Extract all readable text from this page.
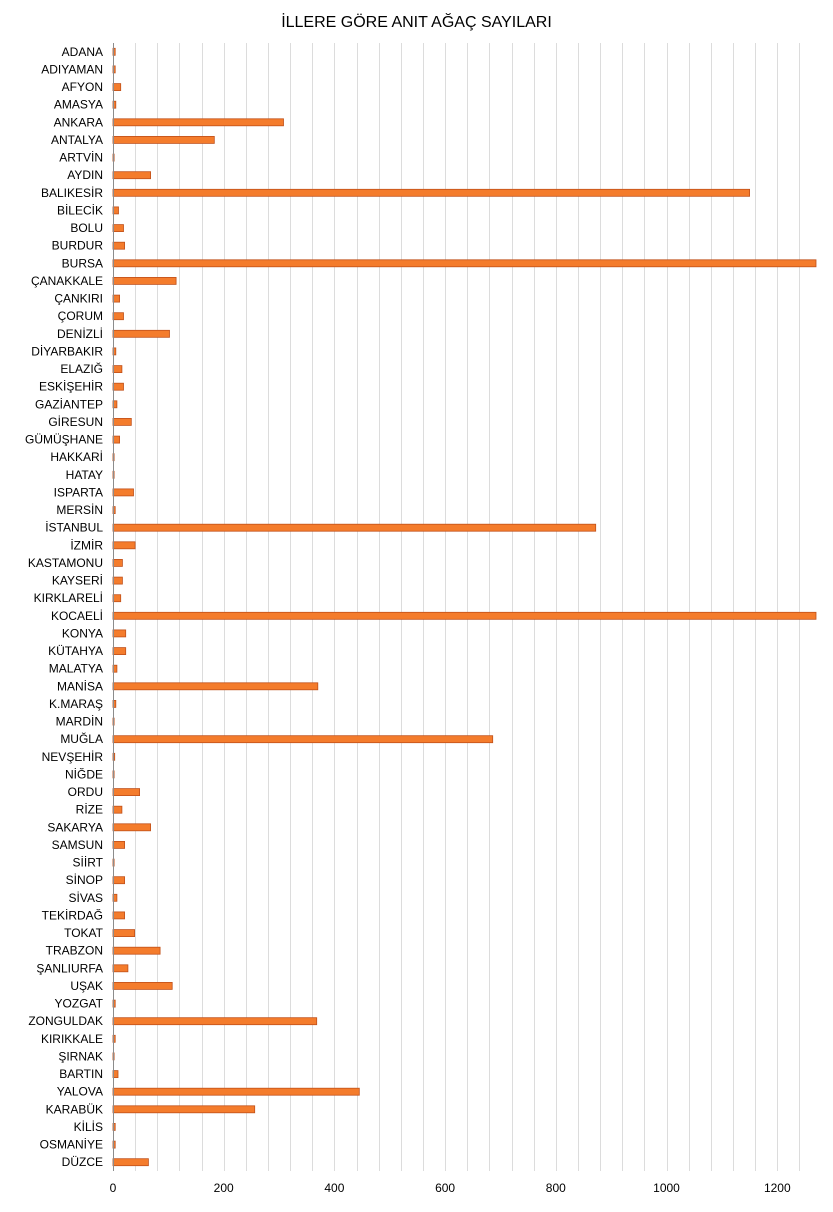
İLLERE GÖRE ANIT AĞAÇ SAYILARI
ADANA
ADIYAMAN
AFYON
AMASYA
ANKARA
ANTALYA
ARTVİN
AYDIN
BALIKESİR
BİLECİK
BOLU
BURDUR
BURSA
ÇANAKKALE
ÇANKIRI
ÇORUM
DENİZLİ
DİYARBAKIR
ELAZIĞ
ESKİŞEHİR
GAZİANTEP
GİRESUN
GÜMÜŞHANE
HAKKARİ
HATAY
ISPARTA
MERSİN
İSTANBUL
İZMİR
KASTAMONU
KAYSERİ
KIRKLARELİ
KOCAELİ
KONYA
KÜTAHYA
MALATYA
MANİSA
K.MARAŞ
MARDİN
MUĞLA
NEVŞEHİR
NİĞDE
ORDU
RİZE
SAKARYA
SAMSUN
SİİRT
SİNOP
SİVAS
TEKİRDAĞ
TOKAT
TRABZON
ŞANLIURFA
UŞAK
YOZGAT
ZONGULDAK
KIRIKKALE
ŞIRNAK
BARTIN
YALOVA
KARABÜK
KİLİS
OSMANİYE
DÜZCE
0	200	400	600	800	1000	1200
